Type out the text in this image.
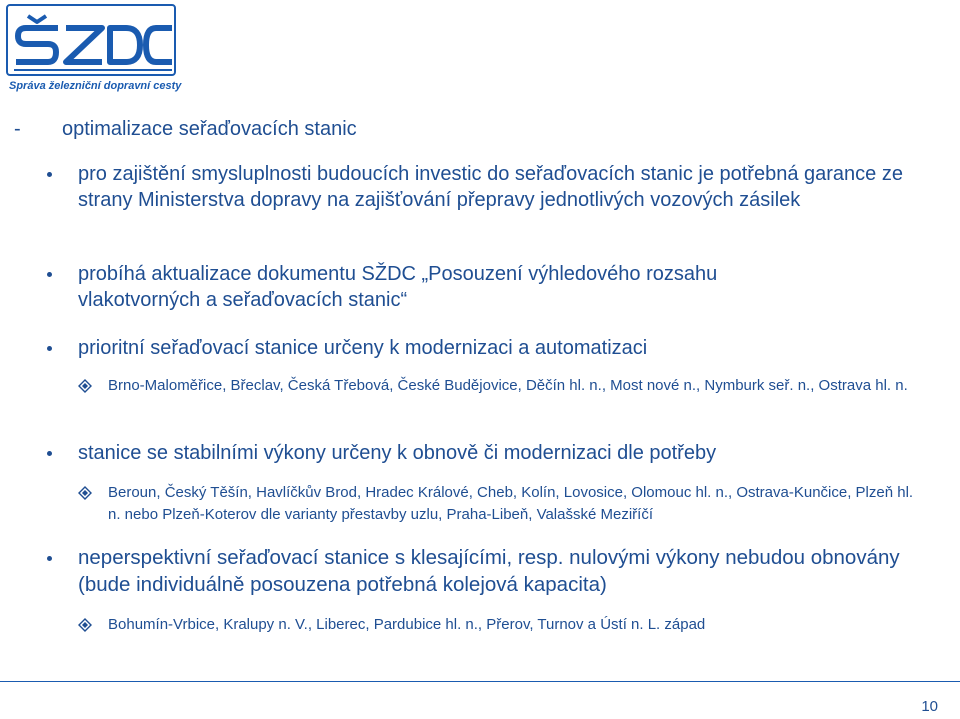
Správa železniční dopravní cesty
- optimalizace seřaďovacích stanic
pro zajištění smysluplnosti budoucích investic do seřaďovacích stanic je potřebná garance ze strany Ministerstva dopravy na zajišťování přepravy jednotlivých vozových zásilek
probíhá aktualizace dokumentu SŽDC „Posouzení výhledového rozsahu vlakotvorných a seřaďovacích stanic“
prioritní seřaďovací stanice určeny k modernizaci a automatizaci
Brno-Maloměřice, Břeclav, Česká Třebová, České Budějovice, Děčín hl. n., Most nové n., Nymburk seř. n., Ostrava hl. n.
stanice se stabilními výkony určeny k obnově či modernizaci dle potřeby
Beroun, Český Těšín, Havlíčkův Brod, Hradec Králové, Cheb, Kolín, Lovosice, Olomouc hl. n., Ostrava-Kunčice, Plzeň hl. n. nebo Plzeň-Koterov dle varianty přestavby uzlu, Praha-Libeň, Valašské Meziříčí
neperspektivní seřaďovací stanice s klesajícími, resp. nulovými výkony nebudou obnovány (bude individuálně posouzena potřebná kolejová kapacita)
Bohumín-Vrbice, Kralupy n. V., Liberec, Pardubice hl. n., Přerov, Turnov a Ústí n. L. západ
10
